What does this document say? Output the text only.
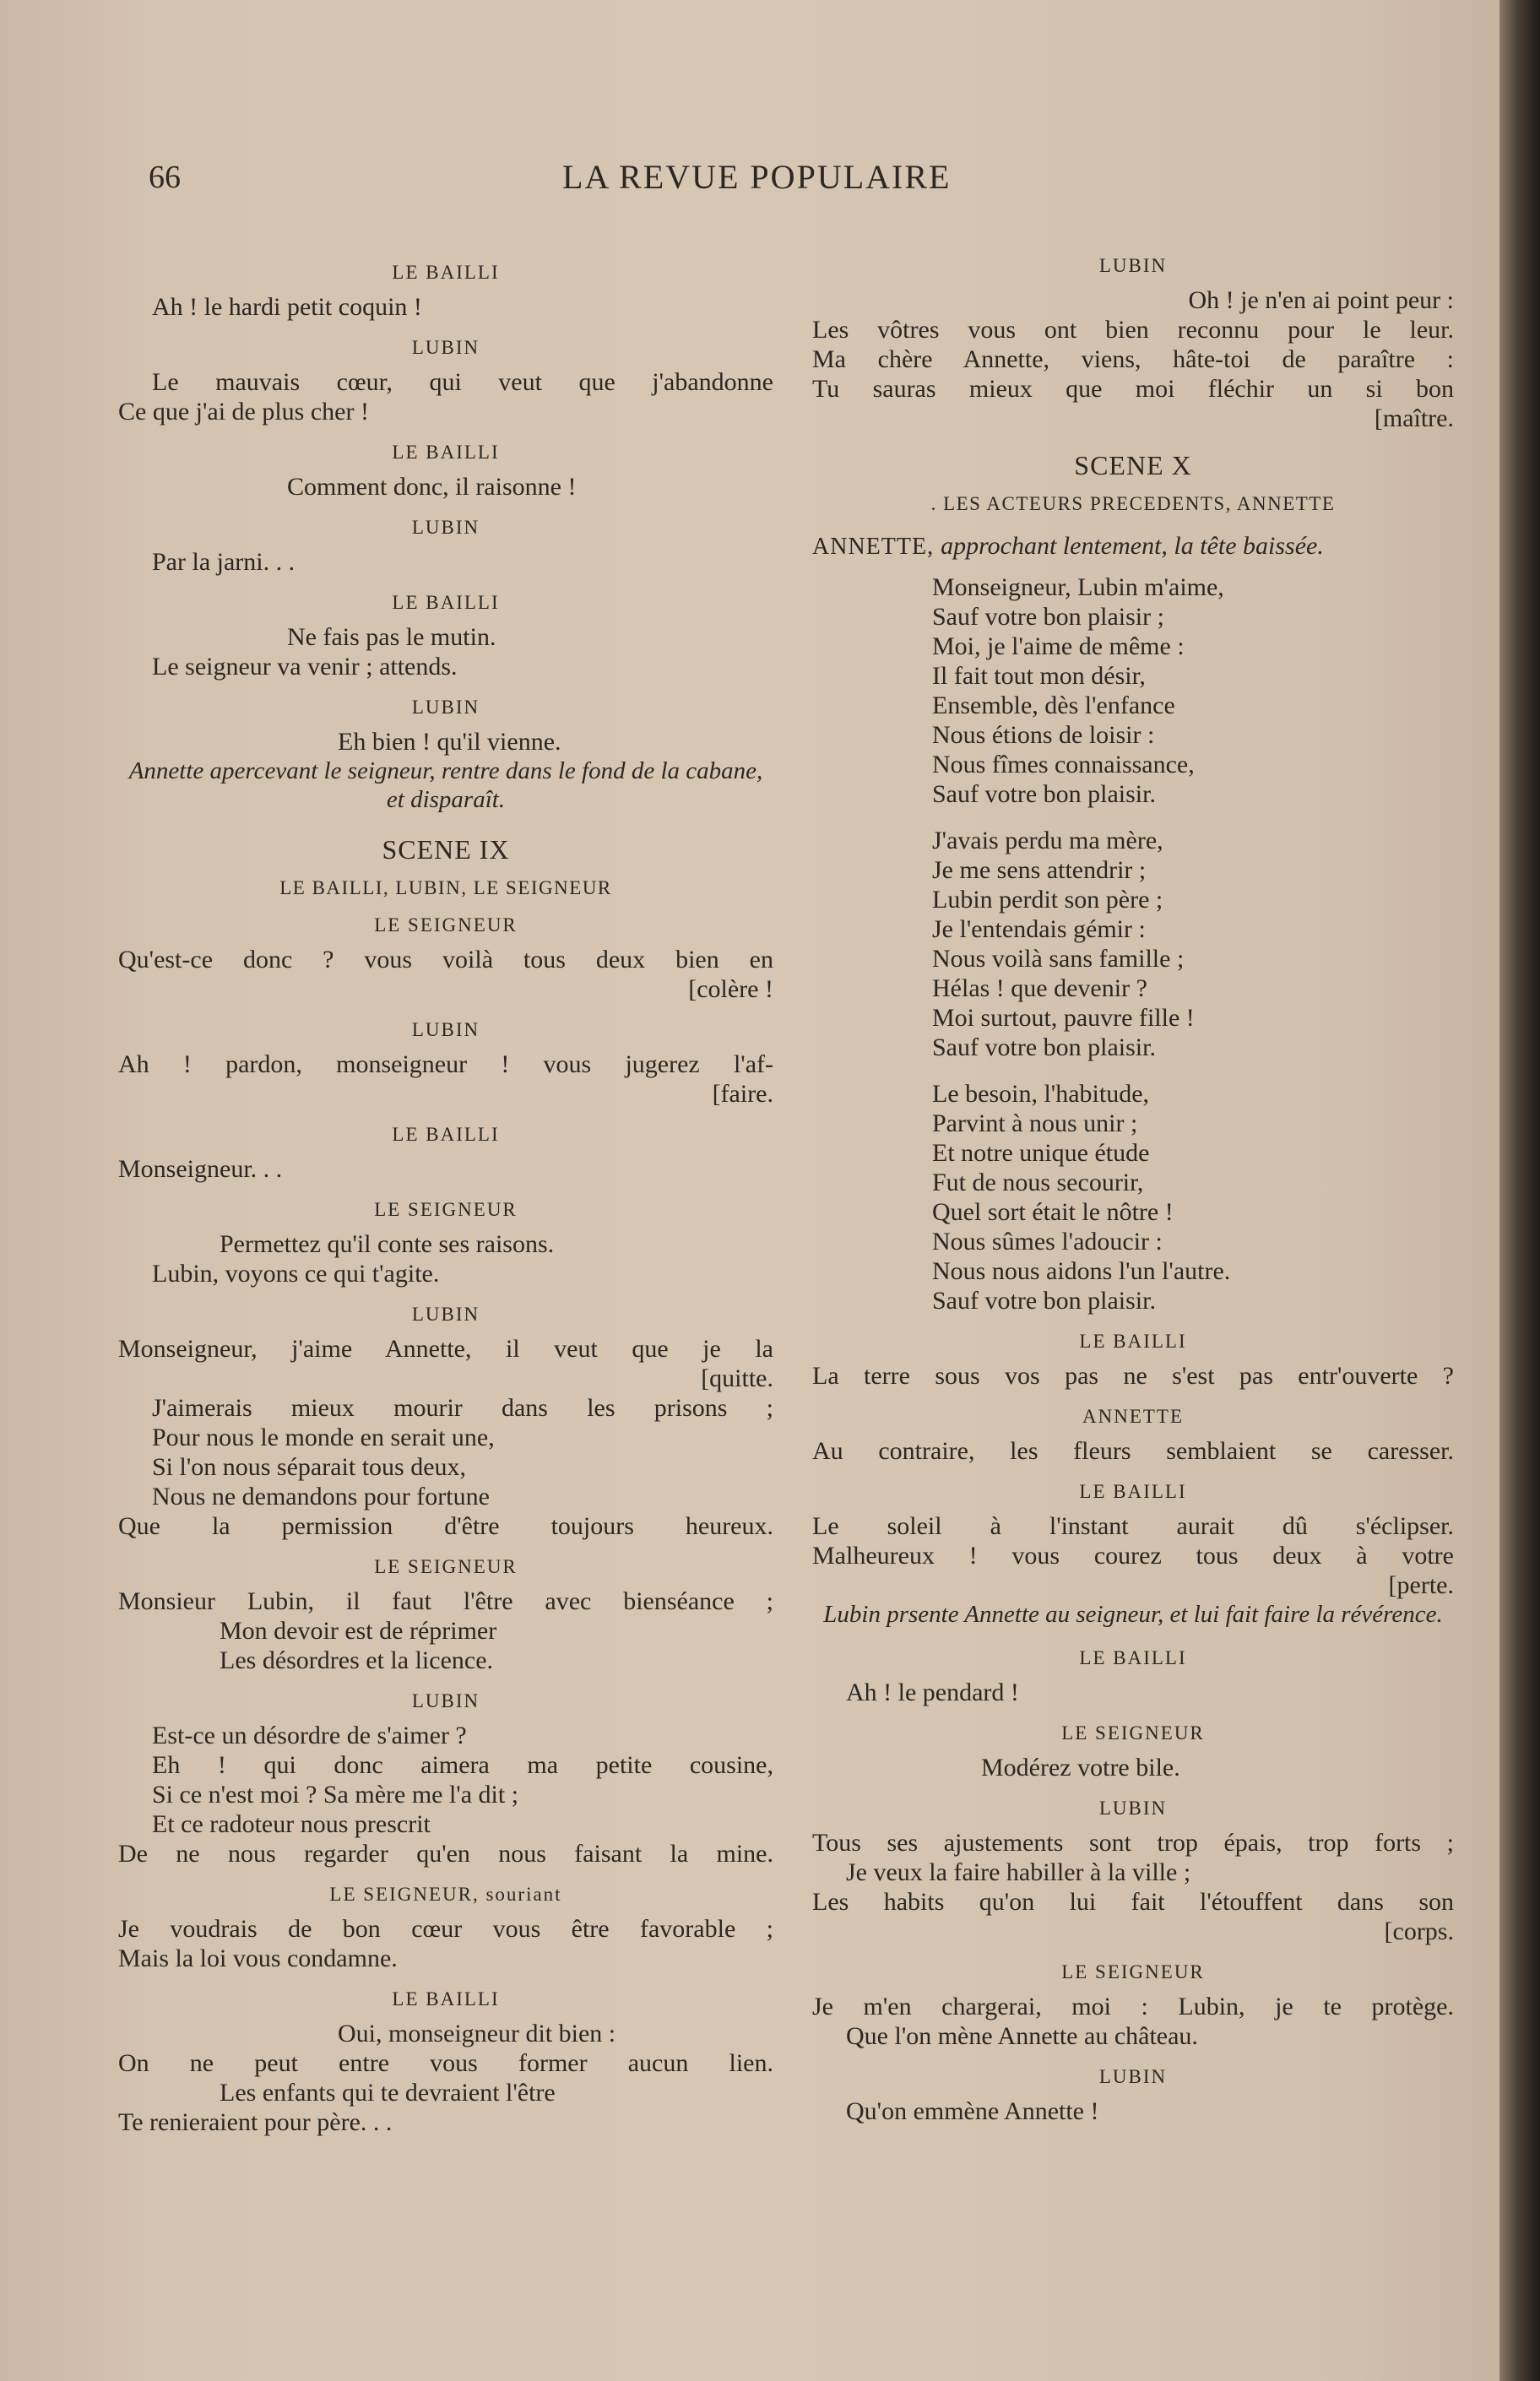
66	LA REVUE POPULAIRE
LE BAILLI
Ah ! le hardi petit coquin !
LUBIN
Le mauvais cœur, qui veut que j'abandonne
Ce que j'ai de plus cher !
LE BAILLI
Comment donc, il raisonne !
LUBIN
Par la jarni. . .
LE BAILLI
Ne fais pas le mutin.
Le seigneur va venir ; attends.
LUBIN
Eh bien ! qu'il vienne.
Annette apercevant le seigneur, rentre dans le fond de la cabane, et disparaît.
SCENE IX
LE BAILLI, LUBIN, LE SEIGNEUR
LE SEIGNEUR
Qu'est-ce donc ? vous voilà tous deux bien en
[colère !
LUBIN
Ah ! pardon, monseigneur ! vous jugerez l'af-
[faire.
LE BAILLI
Monseigneur. . .
LE SEIGNEUR
Permettez qu'il conte ses raisons.
Lubin, voyons ce qui t'agite.
LUBIN
Monseigneur, j'aime Annette, il veut que je la
[quitte.
J'aimerais mieux mourir dans les prisons ;
Pour nous le monde en serait une,
Si l'on nous séparait tous deux,
Nous ne demandons pour fortune
Que la permission d'être toujours heureux.
LE SEIGNEUR
Monsieur Lubin, il faut l'être avec bienséance ;
Mon devoir est de réprimer
Les désordres et la licence.
LUBIN
Est-ce un désordre de s'aimer ?
Eh ! qui donc aimera ma petite cousine,
Si ce n'est moi ? Sa mère me l'a dit ;
Et ce radoteur nous prescrit
De ne nous regarder qu'en nous faisant la mine.
LE SEIGNEUR, souriant
Je voudrais de bon cœur vous être favorable ;
Mais la loi vous condamne.
LE BAILLI
Oui, monseigneur dit bien :
On ne peut entre vous former aucun lien.
Les enfants qui te devraient l'être
Te renieraient pour père. . .
LUBIN
Oh ! je n'en ai point peur :
Les vôtres vous ont bien reconnu pour le leur.
Ma chère Annette, viens, hâte-toi de paraître :
Tu sauras mieux que moi fléchir un si bon
[maître.
SCENE X
. LES ACTEURS PRECEDENTS, ANNETTE
ANNETTE, approchant lentement, la tête baissée.
Monseigneur, Lubin m'aime,
Sauf votre bon plaisir ;
Moi, je l'aime de même :
Il fait tout mon désir,
Ensemble, dès l'enfance
Nous étions de loisir :
Nous fîmes connaissance,
Sauf votre bon plaisir.
J'avais perdu ma mère,
Je me sens attendrir ;
Lubin perdit son père ;
Je l'entendais gémir :
Nous voilà sans famille ;
Hélas ! que devenir ?
Moi surtout, pauvre fille !
Sauf votre bon plaisir.
Le besoin, l'habitude,
Parvint à nous unir ;
Et notre unique étude
Fut de nous secourir,
Quel sort était le nôtre !
Nous sûmes l'adoucir :
Nous nous aidons l'un l'autre.
Sauf votre bon plaisir.
LE BAILLI
La terre sous vos pas ne s'est pas entr'ouverte ?
ANNETTE
Au contraire, les fleurs semblaient se caresser.
LE BAILLI
Le soleil à l'instant aurait dû s'éclipser.
Malheureux ! vous courez tous deux à votre
[perte.
Lubin prsente Annette au seigneur, et lui fait faire la révérence.
LE BAILLI
Ah ! le pendard !
LE SEIGNEUR
Modérez votre bile.
LUBIN
Tous ses ajustements sont trop épais, trop forts ;
Je veux la faire habiller à la ville ;
Les habits qu'on lui fait l'étouffent dans son
[corps.
LE SEIGNEUR
Je m'en chargerai, moi : Lubin, je te protège.
Que l'on mène Annette au château.
LUBIN
Qu'on emmène Annette !
